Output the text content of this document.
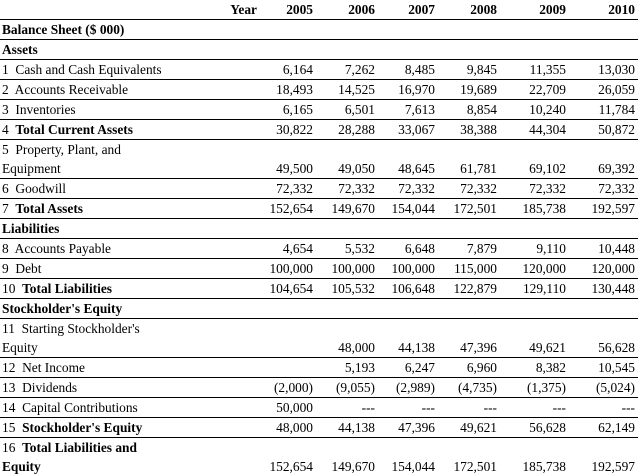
	Year	2005	2006	2007	2008	2009	2010
Balance Sheet ($ 000)							
Assets							
1 Cash and Cash Equivalents		6,164	7,262	8,485	9,845	11,355	13,030
2 Accounts Receivable		18,493	14,525	16,970	19,689	22,709	26,059
3 Inventories		6,165	6,501	7,613	8,854	10,240	11,784
4 Total Current Assets		30,822	28,288	33,067	38,388	44,304	50,872

5 Property, Plant, and
Equipment		49,500	49,050	48,645	61,781	69,102	69,392
6 Goodwill		72,332	72,332	72,332	72,332	72,332	72,332
7 Total Assets		152,654	149,670	154,044	172,501	185,738	192,597
Liabilities							
8 Accounts Payable		4,654	5,532	6,648	7,879	9,110	10,448
9 Debt		100,000	100,000	100,000	115,000	120,000	120,000
10 Total Liabilities		104,654	105,532	106,648	122,879	129,110	130,448
Stockholder's Equity							

11 Starting Stockholder's
Equity			48,000	44,138	47,396	49,621	56,628
12 Net Income			5,193	6,247	6,960	8,382	10,545
13 Dividends		(2,000)	(9,055)	(2,989)	(4,735)	(1,375)	(5,024)
14 Capital Contributions		50,000	---	---	---	---	---
15 Stockholder's Equity		48,000	44,138	47,396	49,621	56,628	62,149

16 Total Liabilities and
Equity		152,654	149,670	154,044	172,501	185,738	192,597
